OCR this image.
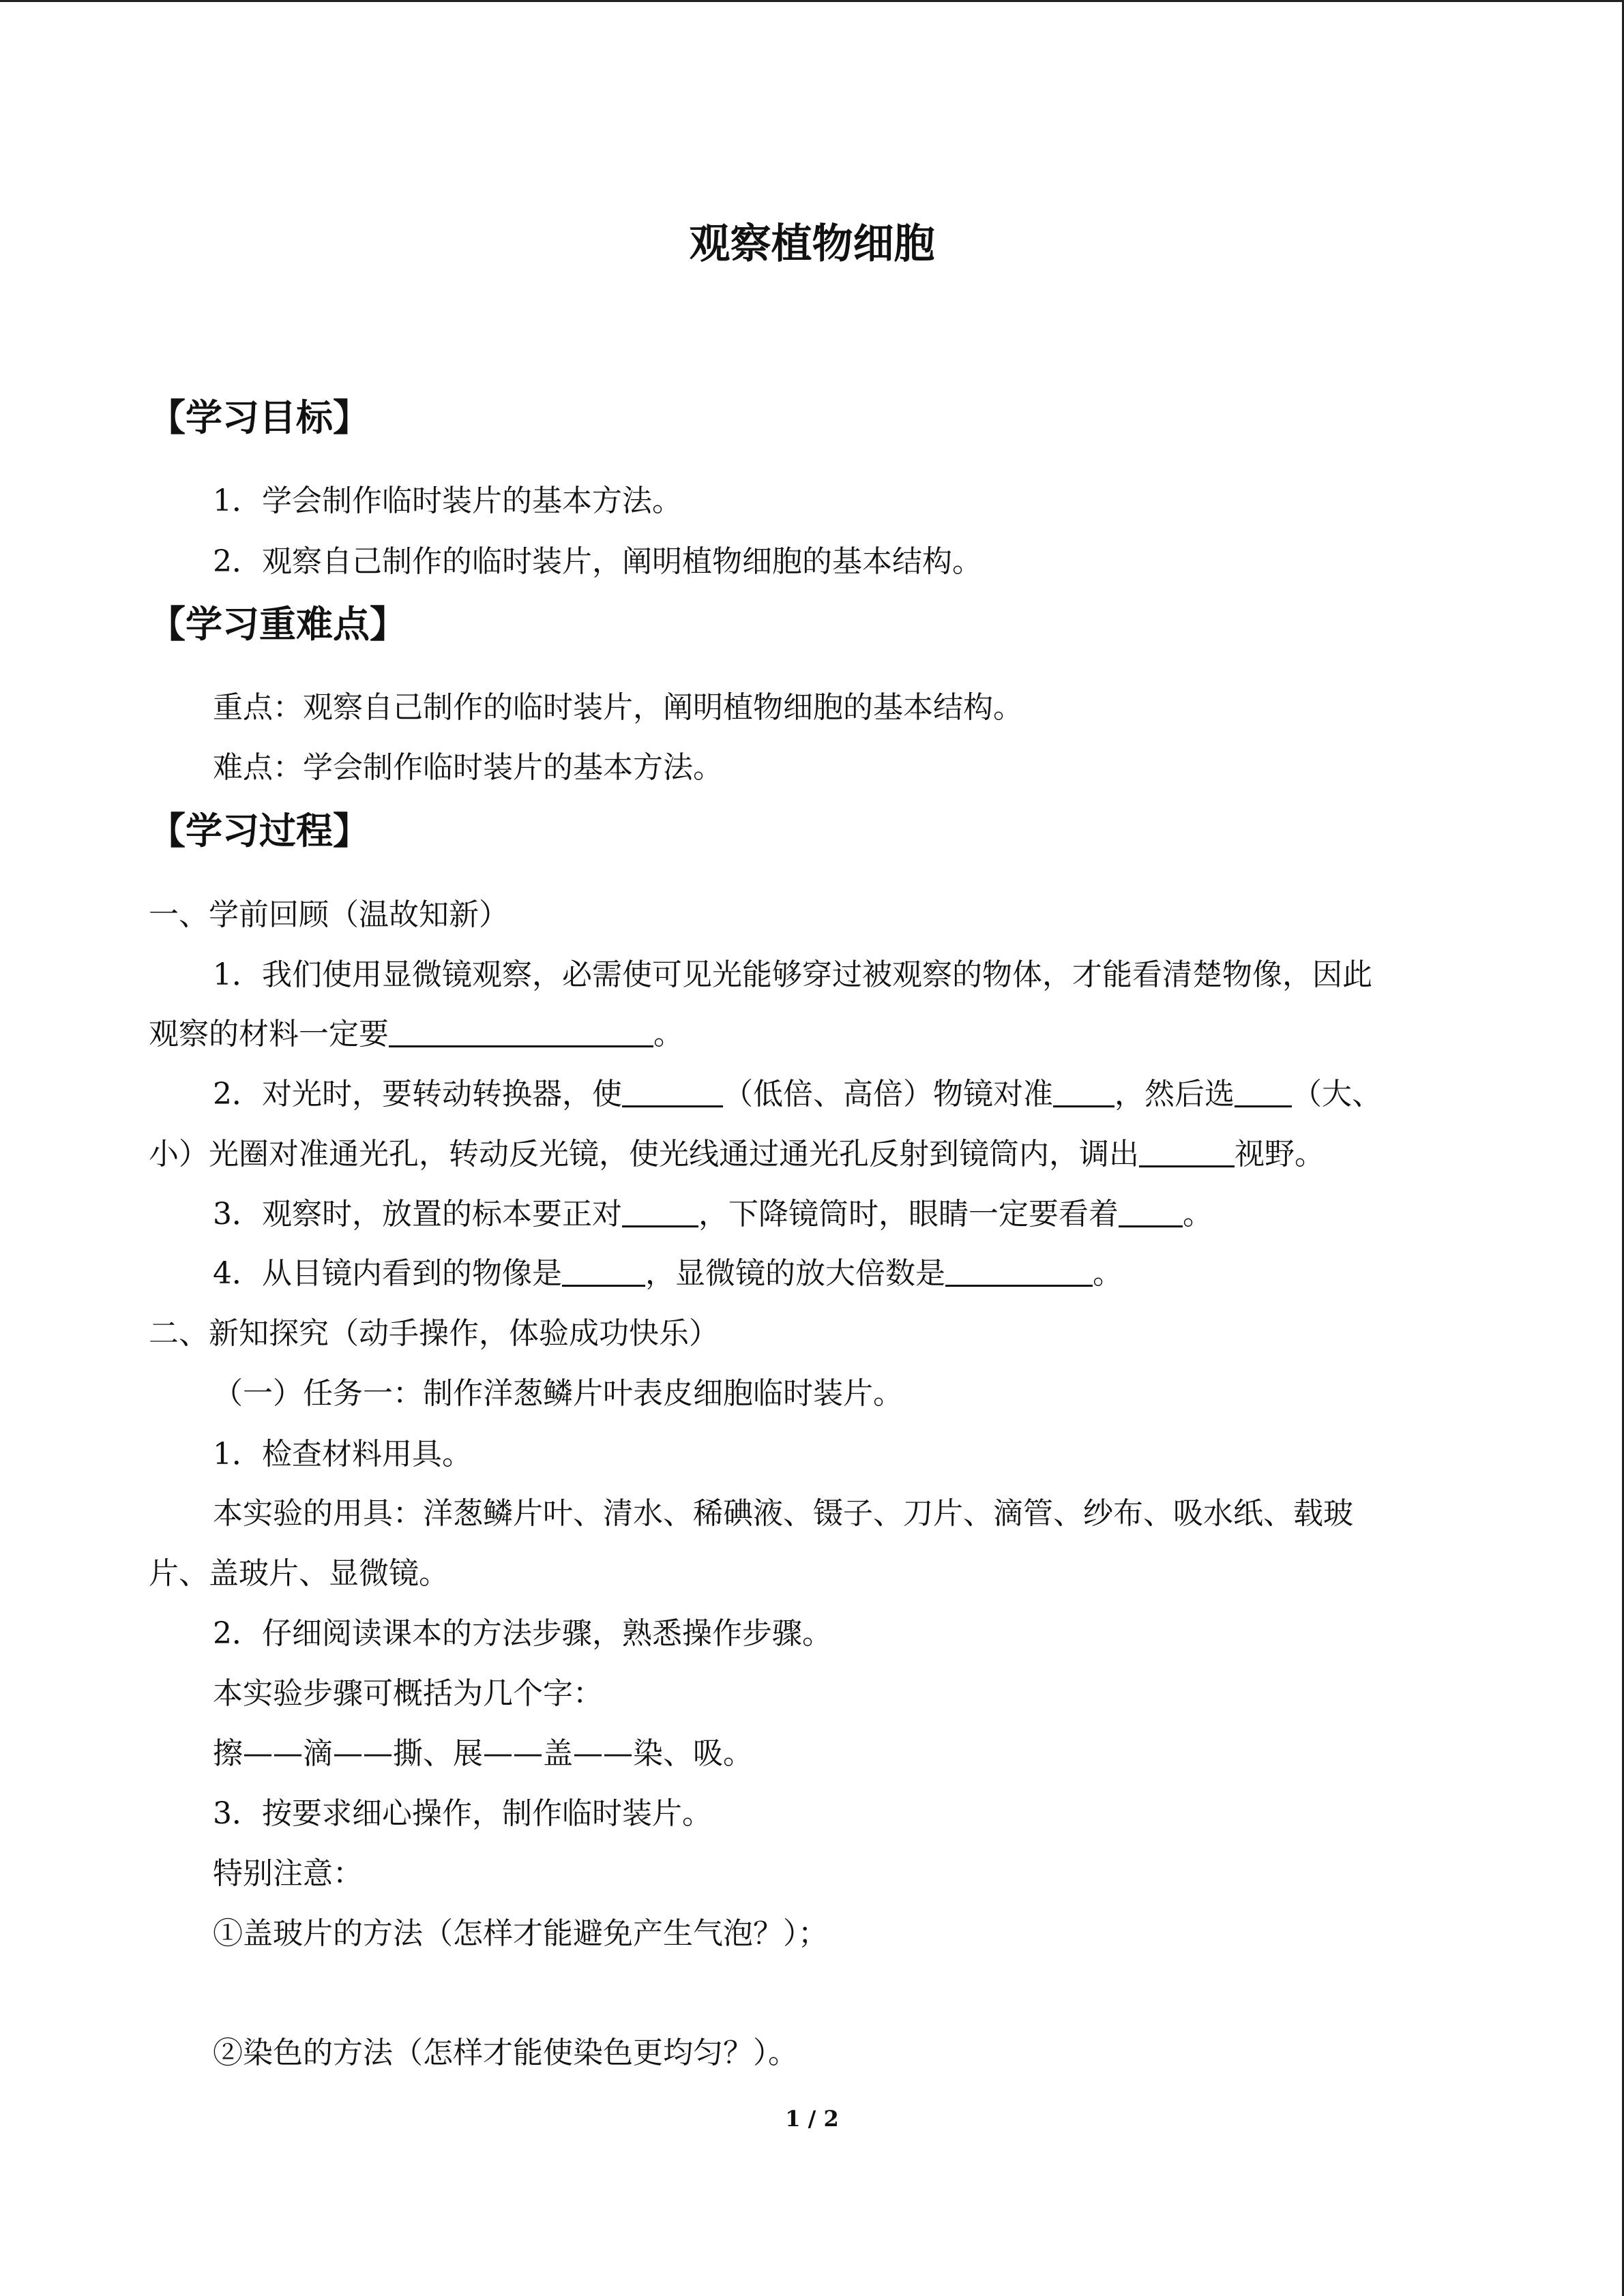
观察植物细胞
【学习目标】
1．学会制作临时装片的基本方法。
2．观察自己制作的临时装片，阐明植物细胞的基本结构。
【学习重难点】
重点：观察自己制作的临时装片，阐明植物细胞的基本结构。
难点：学会制作临时装片的基本方法。
【学习过程】
一、学前回顾（温故知新）
1．我们使用显微镜观察，必需使可见光能够穿过被观察的物体，才能看清楚物像，因此
观察的材料一定要	。
2．对光时，要转动转换器，使	（低倍、高倍）物镜对准 ，然后选 （大、
小）光圈对准通光孔，转动反光镜，使光线通过通光孔反射到镜筒内，调出	视野。
3．观察时，放置的标本要正对	，下降镜筒时，眼睛一定要看着 。
4．从目镜内看到的物像是	，显微镜的放大倍数是	。
二、新知探究（动手操作，体验成功快乐）
（一）任务一：制作洋葱鳞片叶表皮细胞临时装片。
1．检查材料用具。
本实验的用具：洋葱鳞片叶、清水、稀碘液、镊子、刀片、滴管、纱布、吸水纸、载玻
片、盖玻片、显微镜。
2．仔细阅读课本的方法步骤，熟悉操作步骤。
本实验步骤可概括为几个字：
擦——滴——撕、展——盖——染、吸。
3．按要求细心操作，制作临时装片。
特别注意：
①盖玻片的方法（怎样才能避免产生气泡？）；
②染色的方法（怎样才能使染色更均匀？）。
1 / 2
